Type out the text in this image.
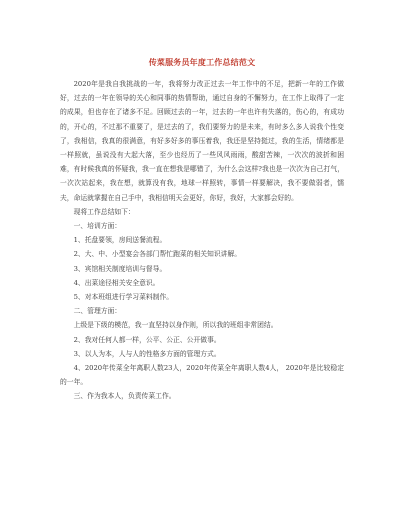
传菜服务员年度工作总结范文

2020年是我自我挑战的一年，我将努力改正过去一年工作中的不足，把新一年的工作做好，过去的一年在领导的关心和同事的热情帮助，通过自身的不懈努力，在工作上取得了一定的成果，但也存在了诸多不足。回顾过去的一年，过去的一年也许有失落的，伤心的，有成功的，开心的，不过那不重要了，是过去的了，我们要努力的是未来，有时多么多人说我个性变了，我相信，我真的很满意，有好多好多的事压着我，我还是坚持挺过，我的生活，情绪都是一样照就，虽说没有大起大落，至少也经历了一些风风雨雨，酸甜苦辣，一次次的波折和困难，有时候我真的怀疑我，我一直在想我是哪错了，为什么会这样?我也是一次次为自己打气，一次次站起来，我在想，就算没有我，地球一样照转，事情一样要解决，我不要做弱者，懦夫，命运就掌握在自己手中，我相信明天会更好，你好，我好，大家都会好的。

现将工作总结如下：

一、培训方面：

1、托盘要领，房间送餐流程。

2、大、中、小型宴会各部门帮忙跑菜的相关知识讲解。

3、宾馆相关制度培训与督导。

4、出菜途径相关安全意识。

5、对本班组进行学习菜料制作。

二、管理方面：

上级是下级的模范，我一直坚持以身作则，所以我的班组非常团结。

2、我对任何人都一样，公平、公正、公开做事。

3、以人为本，人与人的性格多方面的管理方式。

4、2020年传菜全年离职人数23人，2020年传菜全年离职人数4人， 2020年是比较稳定的一年。

三、作为我本人，负责传菜工作。
